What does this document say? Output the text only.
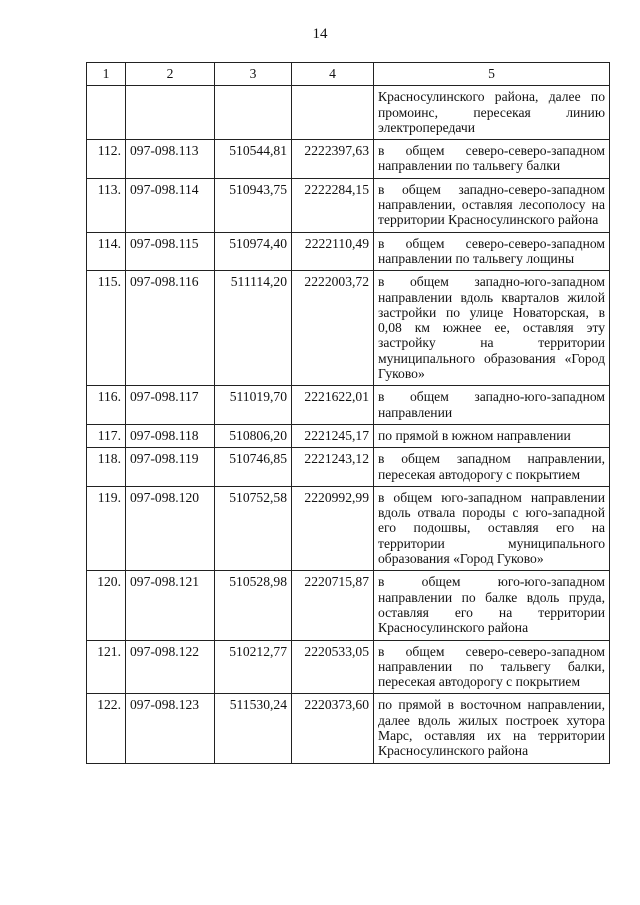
14
1	2	3	4	5
				Красносулинского района, далее по промоинс, пересекая линию электропередачи
112.	097-098.113	510544,81	2222397,63	в общем северо-северо-западном направлении по тальвегу балки
113.	097-098.114	510943,75	2222284,15	в общем западно-северо-западном направлении, оставляя лесополосу на территории Красносулинского района
114.	097-098.115	510974,40	2222110,49	в общем северо-северо-западном направлении по тальвегу лощины
115.	097-098.116	511114,20	2222003,72	в общем западно-юго-западном направлении вдоль кварталов жилой застройки по улице Новаторская, в 0,08 км южнее ее, оставляя эту застройку на территории муниципального образования «Город Гуково»
116.	097-098.117	511019,70	2221622,01	в общем западно-юго-западном направлении
117.	097-098.118	510806,20	2221245,17	по прямой в южном направлении
118.	097-098.119	510746,85	2221243,12	в общем западном направлении, пересекая автодорогу с покрытием
119.	097-098.120	510752,58	2220992,99	в общем юго-западном направлении вдоль отвала породы с юго-западной его подошвы, оставляя его на территории муниципального образования «Город Гуково»
120.	097-098.121	510528,98	2220715,87	в общем юго-юго-западном направлении по балке вдоль пруда, оставляя его на территории Красносулинского района
121.	097-098.122	510212,77	2220533,05	в общем северо-северо-западном направлении по тальвегу балки, пересекая автодорогу с покрытием
122.	097-098.123	511530,24	2220373,60	по прямой в восточном направлении, далее вдоль жилых построек хутора Марс, оставляя их на территории Красносулинского района
